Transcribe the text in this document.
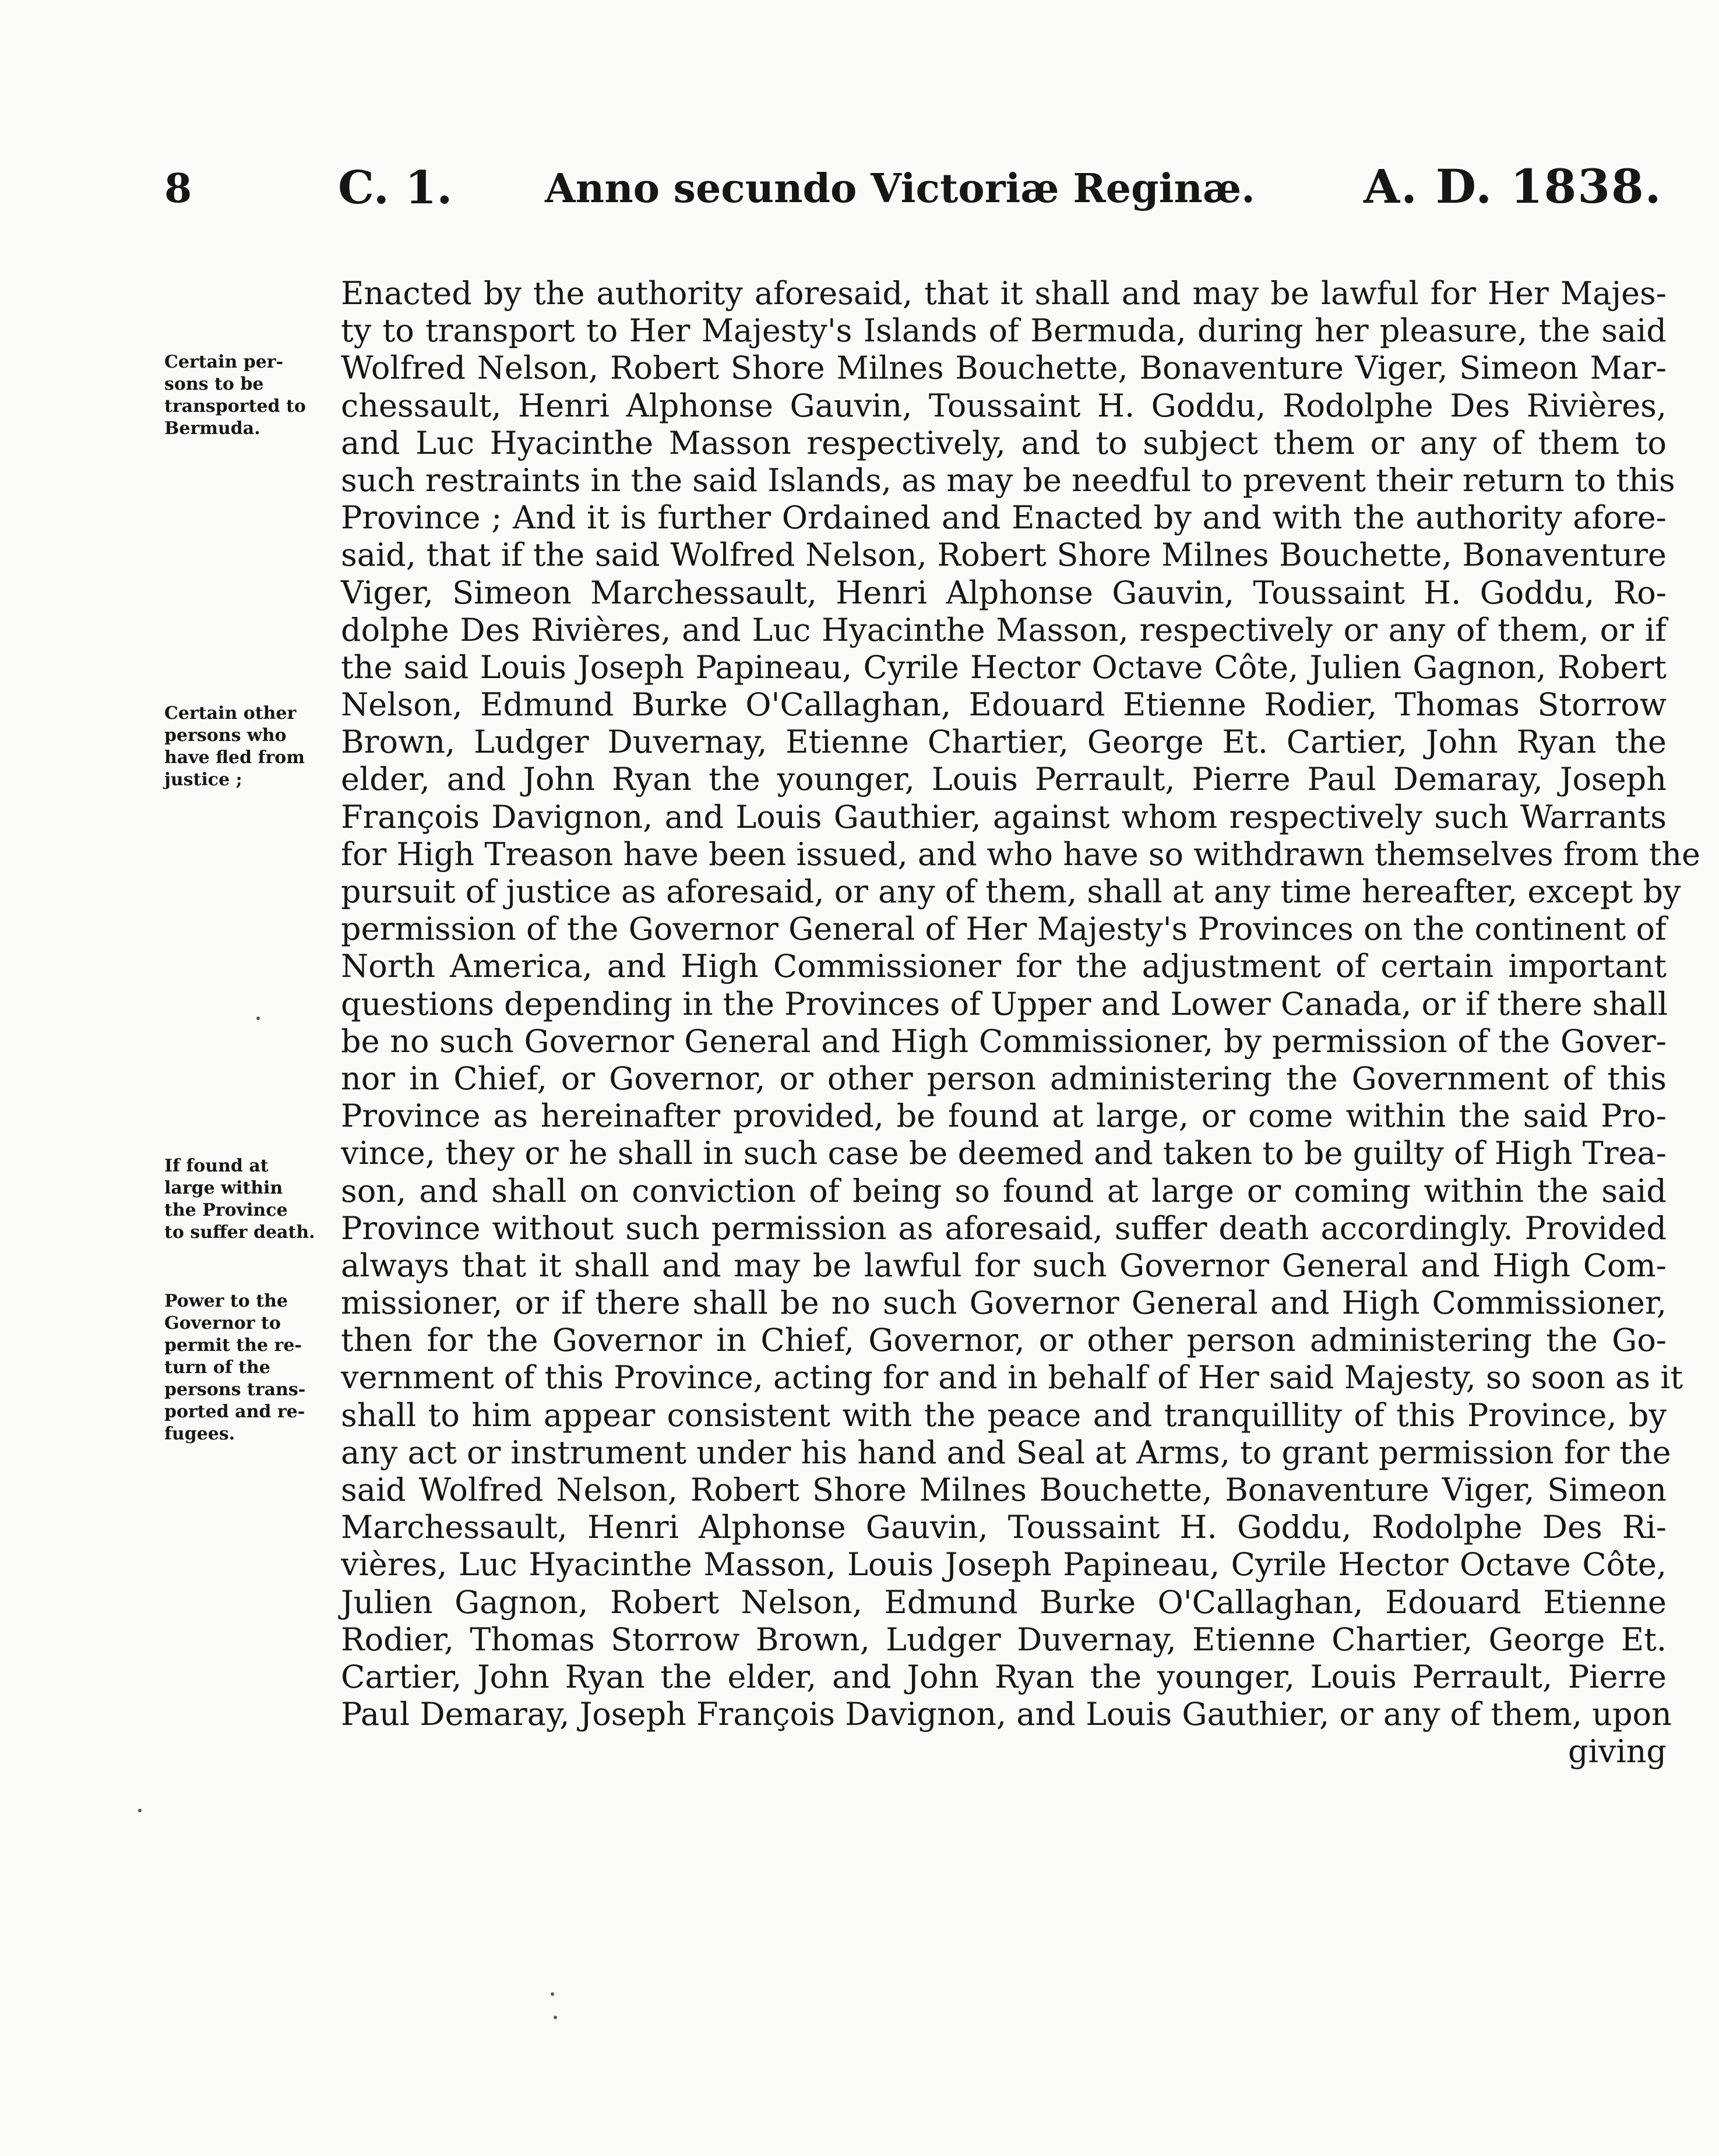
8	C. 1. Anno secundo Victoriæ Reginæ. A. D. 1838.
Certain per-
sons to be
transported to
Bermuda.
Certain other
persons who
have fled from
justice ;
If found at
large within
the Province
to suffer death.
Power to the
Governor to
permit the re-
turn of the
persons trans-
ported and re-
fugees.
Enacted by the authority aforesaid, that it shall and may be lawful for Her Majes-
ty to transport to Her Majesty's Islands of Bermuda, during her pleasure, the said
Wolfred Nelson, Robert Shore Milnes Bouchette, Bonaventure Viger, Simeon Mar-
chessault, Henri Alphonse Gauvin, Toussaint H. Goddu, Rodolphe Des Rivières,
and Luc Hyacinthe Masson respectively, and to subject them or any of them to
such restraints in the said Islands, as may be needful to prevent their return to this
Province ; And it is further Ordained and Enacted by and with the authority afore-
said, that if the said Wolfred Nelson, Robert Shore Milnes Bouchette, Bonaventure
Viger, Simeon Marchessault, Henri Alphonse Gauvin, Toussaint H. Goddu, Ro-
dolphe Des Rivières, and Luc Hyacinthe Masson, respectively or any of them, or if
the said Louis Joseph Papineau, Cyrile Hector Octave Côte, Julien Gagnon, Robert
Nelson, Edmund Burke O'Callaghan, Edouard Etienne Rodier, Thomas Storrow
Brown, Ludger Duvernay, Etienne Chartier, George Et. Cartier, John Ryan the
elder, and John Ryan the younger, Louis Perrault, Pierre Paul Demaray, Joseph
François Davignon, and Louis Gauthier, against whom respectively such Warrants
for High Treason have been issued, and who have so withdrawn themselves from the
pursuit of justice as aforesaid, or any of them, shall at any time hereafter, except by
permission of the Governor General of Her Majesty's Provinces on the continent of
North America, and High Commissioner for the adjustment of certain important
questions depending in the Provinces of Upper and Lower Canada, or if there shall
be no such Governor General and High Commissioner, by permission of the Gover-
nor in Chief, or Governor, or other person administering the Government of this
Province as hereinafter provided, be found at large, or come within the said Pro-
vince, they or he shall in such case be deemed and taken to be guilty of High Trea-
son, and shall on conviction of being so found at large or coming within the said
Province without such permission as aforesaid, suffer death accordingly. Provided
always that it shall and may be lawful for such Governor General and High Com-
missioner, or if there shall be no such Governor General and High Commissioner,
then for the Governor in Chief, Governor, or other person administering the Go-
vernment of this Province, acting for and in behalf of Her said Majesty, so soon as it
shall to him appear consistent with the peace and tranquillity of this Province, by
any act or instrument under his hand and Seal at Arms, to grant permission for the
said Wolfred Nelson, Robert Shore Milnes Bouchette, Bonaventure Viger, Simeon
Marchessault, Henri Alphonse Gauvin, Toussaint H. Goddu, Rodolphe Des Ri-
vières, Luc Hyacinthe Masson, Louis Joseph Papineau, Cyrile Hector Octave Côte,
Julien Gagnon, Robert Nelson, Edmund Burke O'Callaghan, Edouard Etienne
Rodier, Thomas Storrow Brown, Ludger Duvernay, Etienne Chartier, George Et.
Cartier, John Ryan the elder, and John Ryan the younger, Louis Perrault, Pierre
Paul Demaray, Joseph François Davignon, and Louis Gauthier, or any of them, upon
giving
